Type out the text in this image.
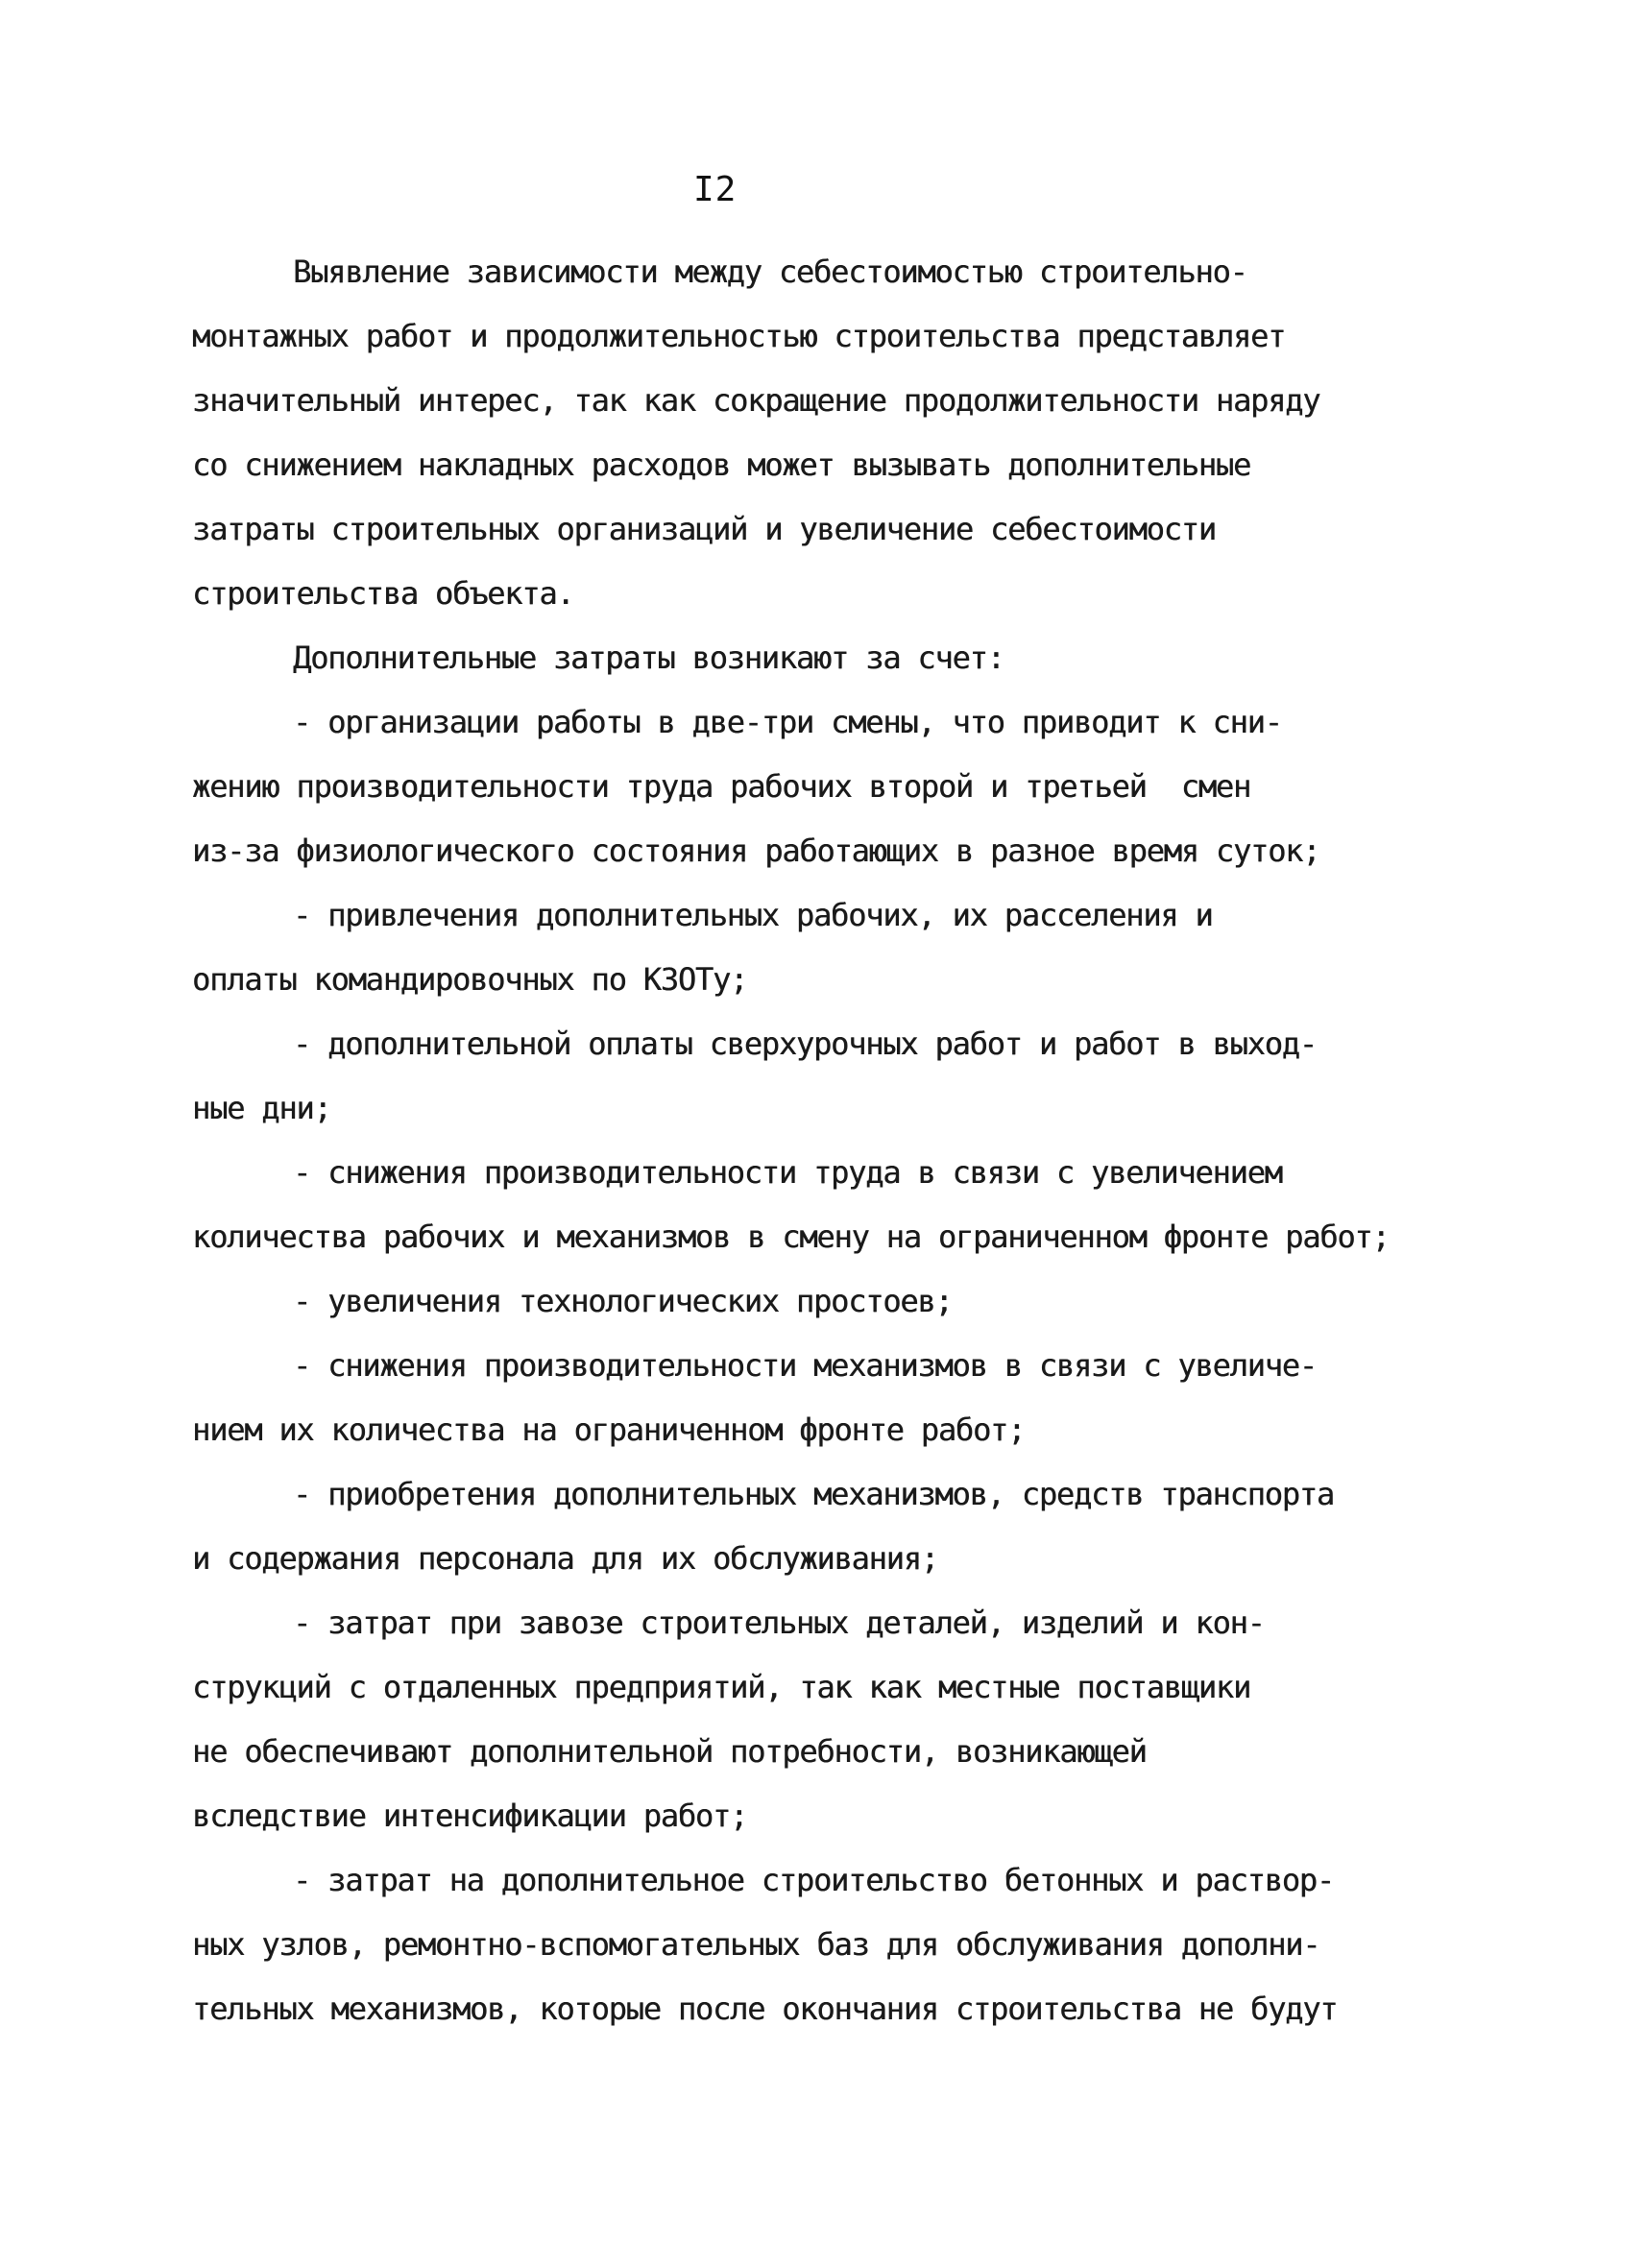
I2
Выявление зависимости между себестоимостью строительно-
монтажных работ и продолжительностью строительства представляет
значительный интерес, так как сокращение продолжительности наряду
со снижением накладных расходов может вызывать дополнительные
затраты строительных организаций и увеличение себестоимости
строительства объекта.
Дополнительные затраты возникают за счет:
- организации работы в две-три смены, что приводит к сни-
жению производительности труда рабочих второй и третьей  смен
из-за физиологического состояния работающих в разное время суток;
- привлечения дополнительных рабочих, их расселения и
оплаты командировочных по КЗОТу;
- дополнительной оплаты сверхурочных работ и работ в выход-
ные дни;
- снижения производительности труда в связи с увеличением
количества рабочих и механизмов в смену на ограниченном фронте работ;
- увеличения технологических простоев;
- снижения производительности механизмов в связи с увеличе-
нием их количества на ограниченном фронте работ;
- приобретения дополнительных механизмов, средств транспорта
и содержания персонала для их обслуживания;
- затрат при завозе строительных деталей, изделий и кон-
струкций с отдаленных предприятий, так как местные поставщики
не обеспечивают дополнительной потребности, возникающей
вследствие интенсификации работ;
- затрат на дополнительное строительство бетонных и раствор-
ных узлов, ремонтно-вспомогательных баз для обслуживания дополни-
тельных механизмов, которые после окончания строительства не будут
